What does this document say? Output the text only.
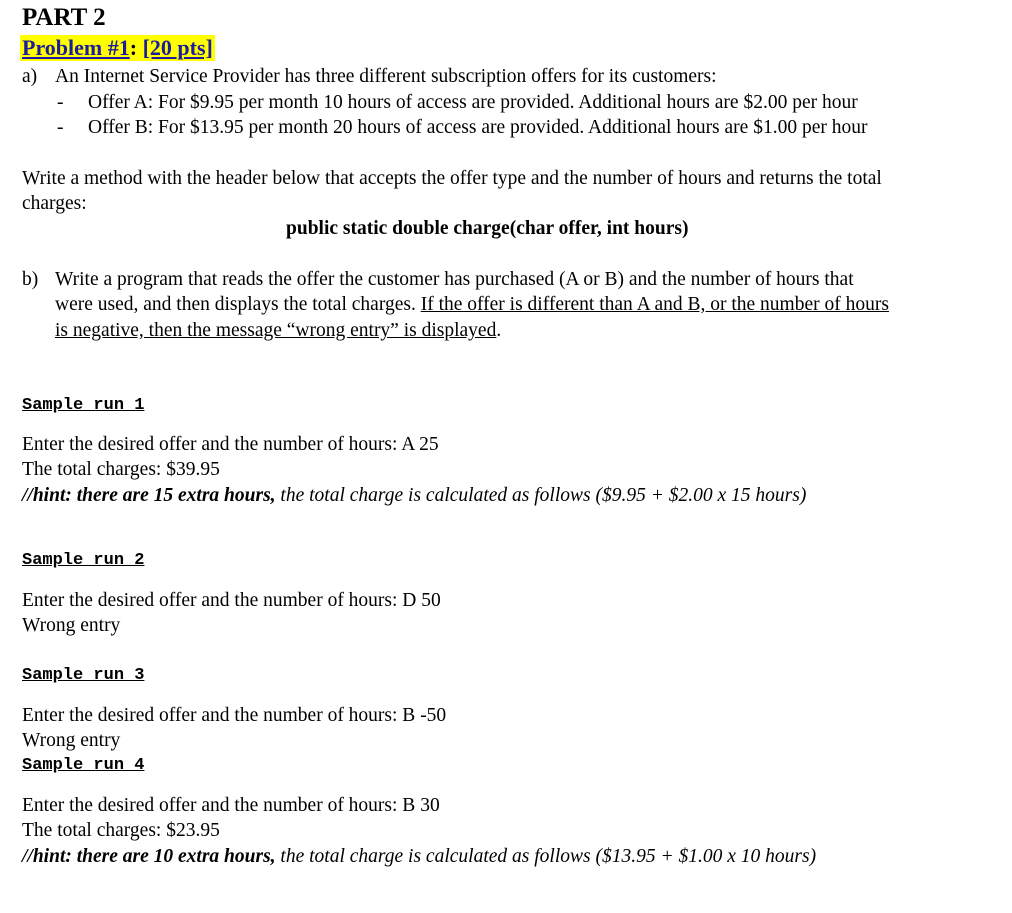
PART 2
Problem #1: [20 pts]
a) An Internet Service Provider has three different subscription offers for its customers:
- Offer A: For $9.95 per month 10 hours of access are provided. Additional hours are $2.00 per hour
- Offer B: For $13.95 per month 20 hours of access are provided. Additional hours are $1.00 per hour
Write a method with the header below that accepts the offer type and the number of hours and returns the total
charges:
public static double charge(char offer, int hours)
b) Write a program that reads the offer the customer has purchased (A or B) and the number of hours that
were used, and then displays the total charges. If the offer is different than A and B, or the number of hours
is negative, then the message “wrong entry” is displayed.
Sample run 1
Enter the desired offer and the number of hours: A 25
The total charges: $39.95
//hint: there are 15 extra hours, the total charge is calculated as follows ($9.95 + $2.00 x 15 hours)
Sample run 2
Enter the desired offer and the number of hours: D 50
Wrong entry
Sample run 3
Enter the desired offer and the number of hours: B -50
Wrong entry
Sample run 4
Enter the desired offer and the number of hours: B 30
The total charges: $23.95
//hint: there are 10 extra hours, the total charge is calculated as follows ($13.95 + $1.00 x 10 hours)
